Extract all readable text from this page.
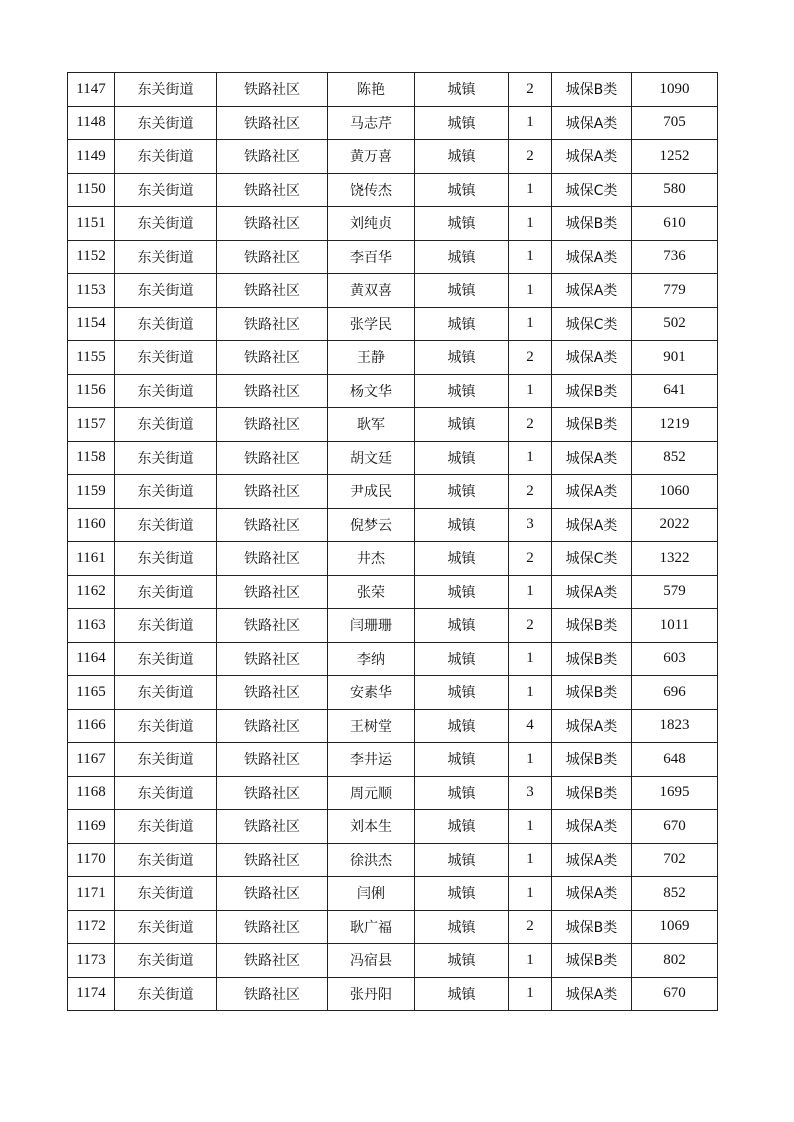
1147	东关街道	铁路社区	陈艳	城镇	2	城保B类	1090
1148	东关街道	铁路社区	马志芹	城镇	1	城保A类	705
1149	东关街道	铁路社区	黄万喜	城镇	2	城保A类	1252
1150	东关街道	铁路社区	饶传杰	城镇	1	城保C类	580
1151	东关街道	铁路社区	刘纯贞	城镇	1	城保B类	610
1152	东关街道	铁路社区	李百华	城镇	1	城保A类	736
1153	东关街道	铁路社区	黄双喜	城镇	1	城保A类	779
1154	东关街道	铁路社区	张学民	城镇	1	城保C类	502
1155	东关街道	铁路社区	王静	城镇	2	城保A类	901
1156	东关街道	铁路社区	杨文华	城镇	1	城保B类	641
1157	东关街道	铁路社区	耿军	城镇	2	城保B类	1219
1158	东关街道	铁路社区	胡文廷	城镇	1	城保A类	852
1159	东关街道	铁路社区	尹成民	城镇	2	城保A类	1060
1160	东关街道	铁路社区	倪梦云	城镇	3	城保A类	2022
1161	东关街道	铁路社区	井杰	城镇	2	城保C类	1322
1162	东关街道	铁路社区	张荣	城镇	1	城保A类	579
1163	东关街道	铁路社区	闫珊珊	城镇	2	城保B类	1011
1164	东关街道	铁路社区	李纳	城镇	1	城保B类	603
1165	东关街道	铁路社区	安素华	城镇	1	城保B类	696
1166	东关街道	铁路社区	王树堂	城镇	4	城保A类	1823
1167	东关街道	铁路社区	李井运	城镇	1	城保B类	648
1168	东关街道	铁路社区	周元顺	城镇	3	城保B类	1695
1169	东关街道	铁路社区	刘本生	城镇	1	城保A类	670
1170	东关街道	铁路社区	徐洪杰	城镇	1	城保A类	702
1171	东关街道	铁路社区	闫俐	城镇	1	城保A类	852
1172	东关街道	铁路社区	耿广福	城镇	2	城保B类	1069
1173	东关街道	铁路社区	冯宿县	城镇	1	城保B类	802
1174	东关街道	铁路社区	张丹阳	城镇	1	城保A类	670
